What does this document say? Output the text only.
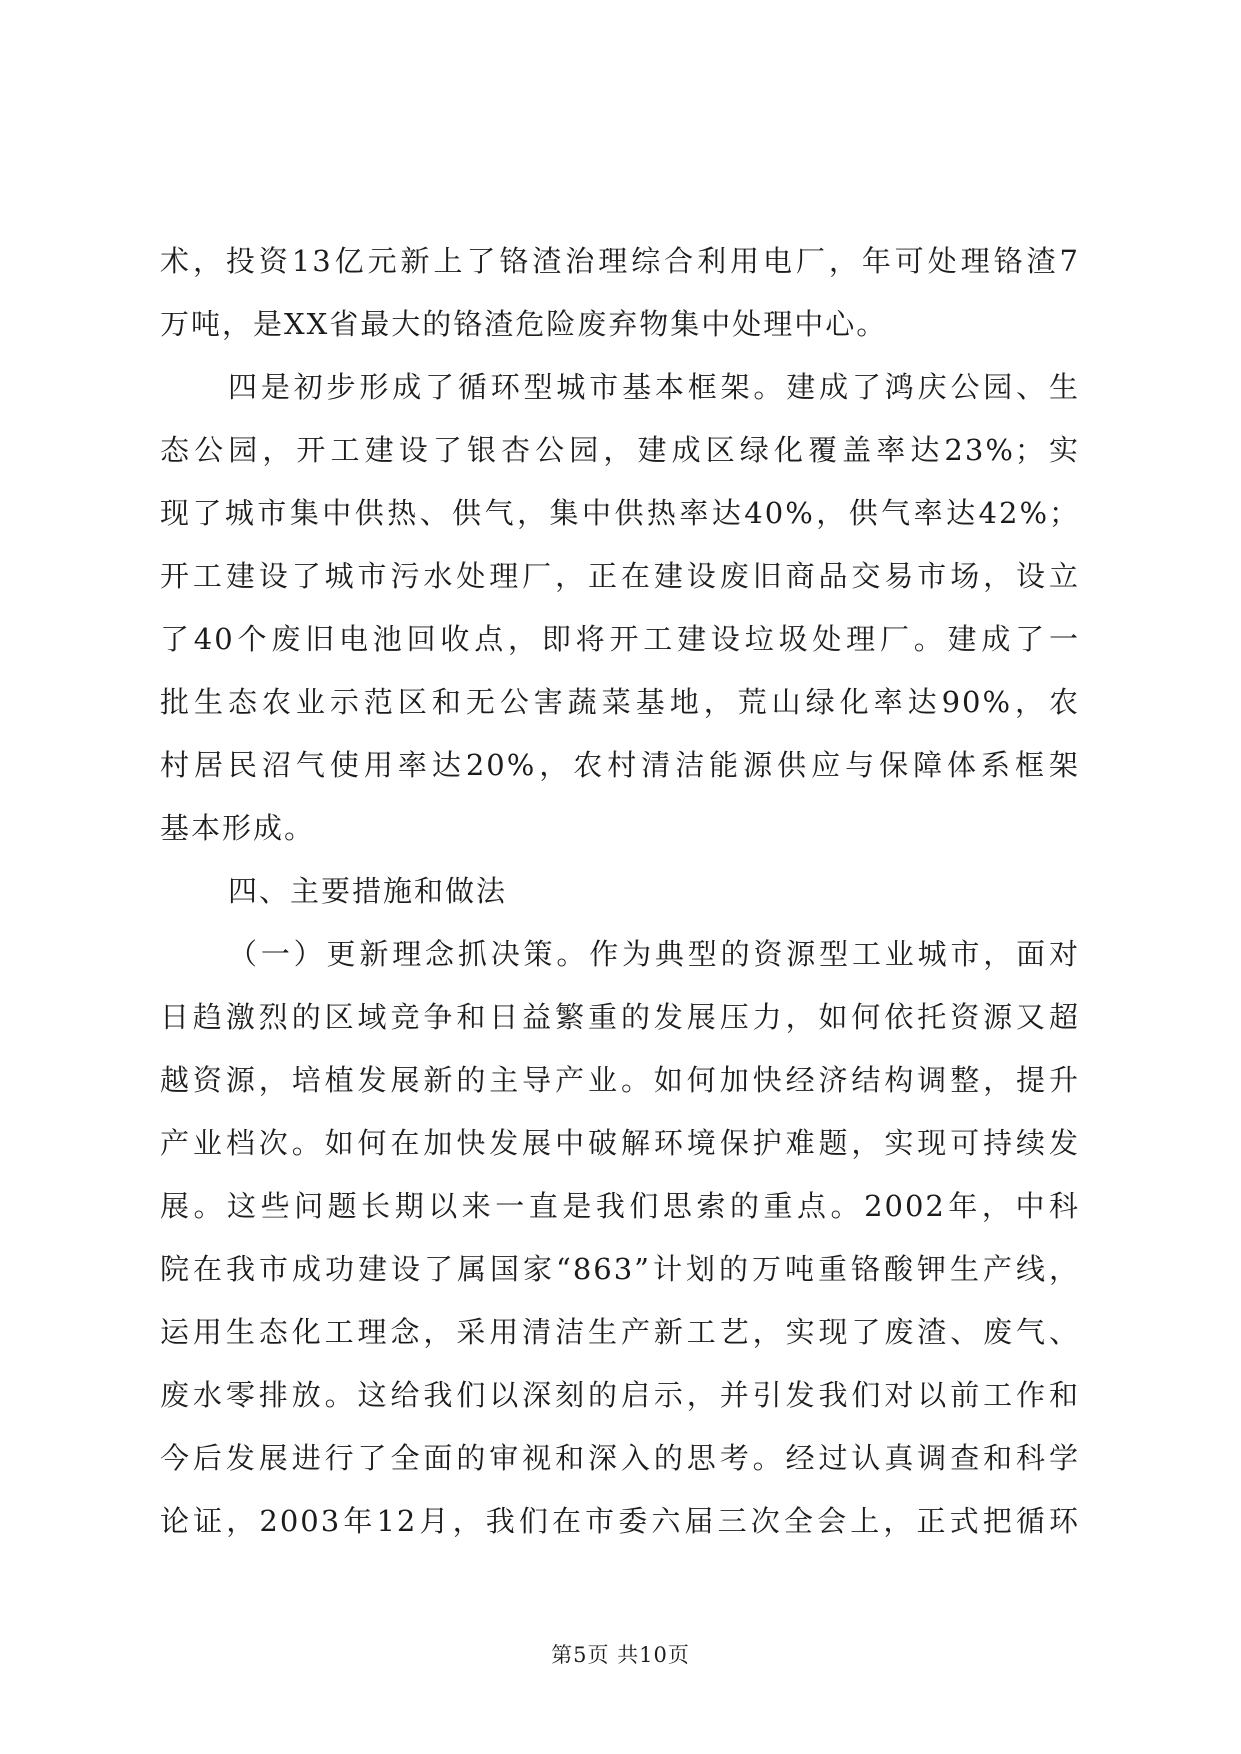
术，投资13亿元新上了铬渣治理综合利用电厂，年可处理铬渣7
万吨，是XX省最大的铬渣危险废弃物集中处理中心。
四是初步形成了循环型城市基本框架。建成了鸿庆公园、生
态公园，开工建设了银杏公园，建成区绿化覆盖率达23%；实
现了城市集中供热、供气，集中供热率达40%，供气率达42%；
开工建设了城市污水处理厂，正在建设废旧商品交易市场，设立
了40个废旧电池回收点，即将开工建设垃圾处理厂。建成了一
批生态农业示范区和无公害蔬菜基地，荒山绿化率达90%，农
村居民沼气使用率达20%，农村清洁能源供应与保障体系框架
基本形成。
四、主要措施和做法
（一）更新理念抓决策。作为典型的资源型工业城市，面对
日趋激烈的区域竞争和日益繁重的发展压力，如何依托资源又超
越资源，培植发展新的主导产业。如何加快经济结构调整，提升
产业档次。如何在加快发展中破解环境保护难题，实现可持续发
展。这些问题长期以来一直是我们思索的重点。2002年，中科
院在我市成功建设了属国家“863”计划的万吨重铬酸钾生产线，
运用生态化工理念，采用清洁生产新工艺，实现了废渣、废气、
废水零排放。这给我们以深刻的启示，并引发我们对以前工作和
今后发展进行了全面的审视和深入的思考。经过认真调查和科学
论证，2003年12月，我们在市委六届三次全会上，正式把循环
第5页 共10页
